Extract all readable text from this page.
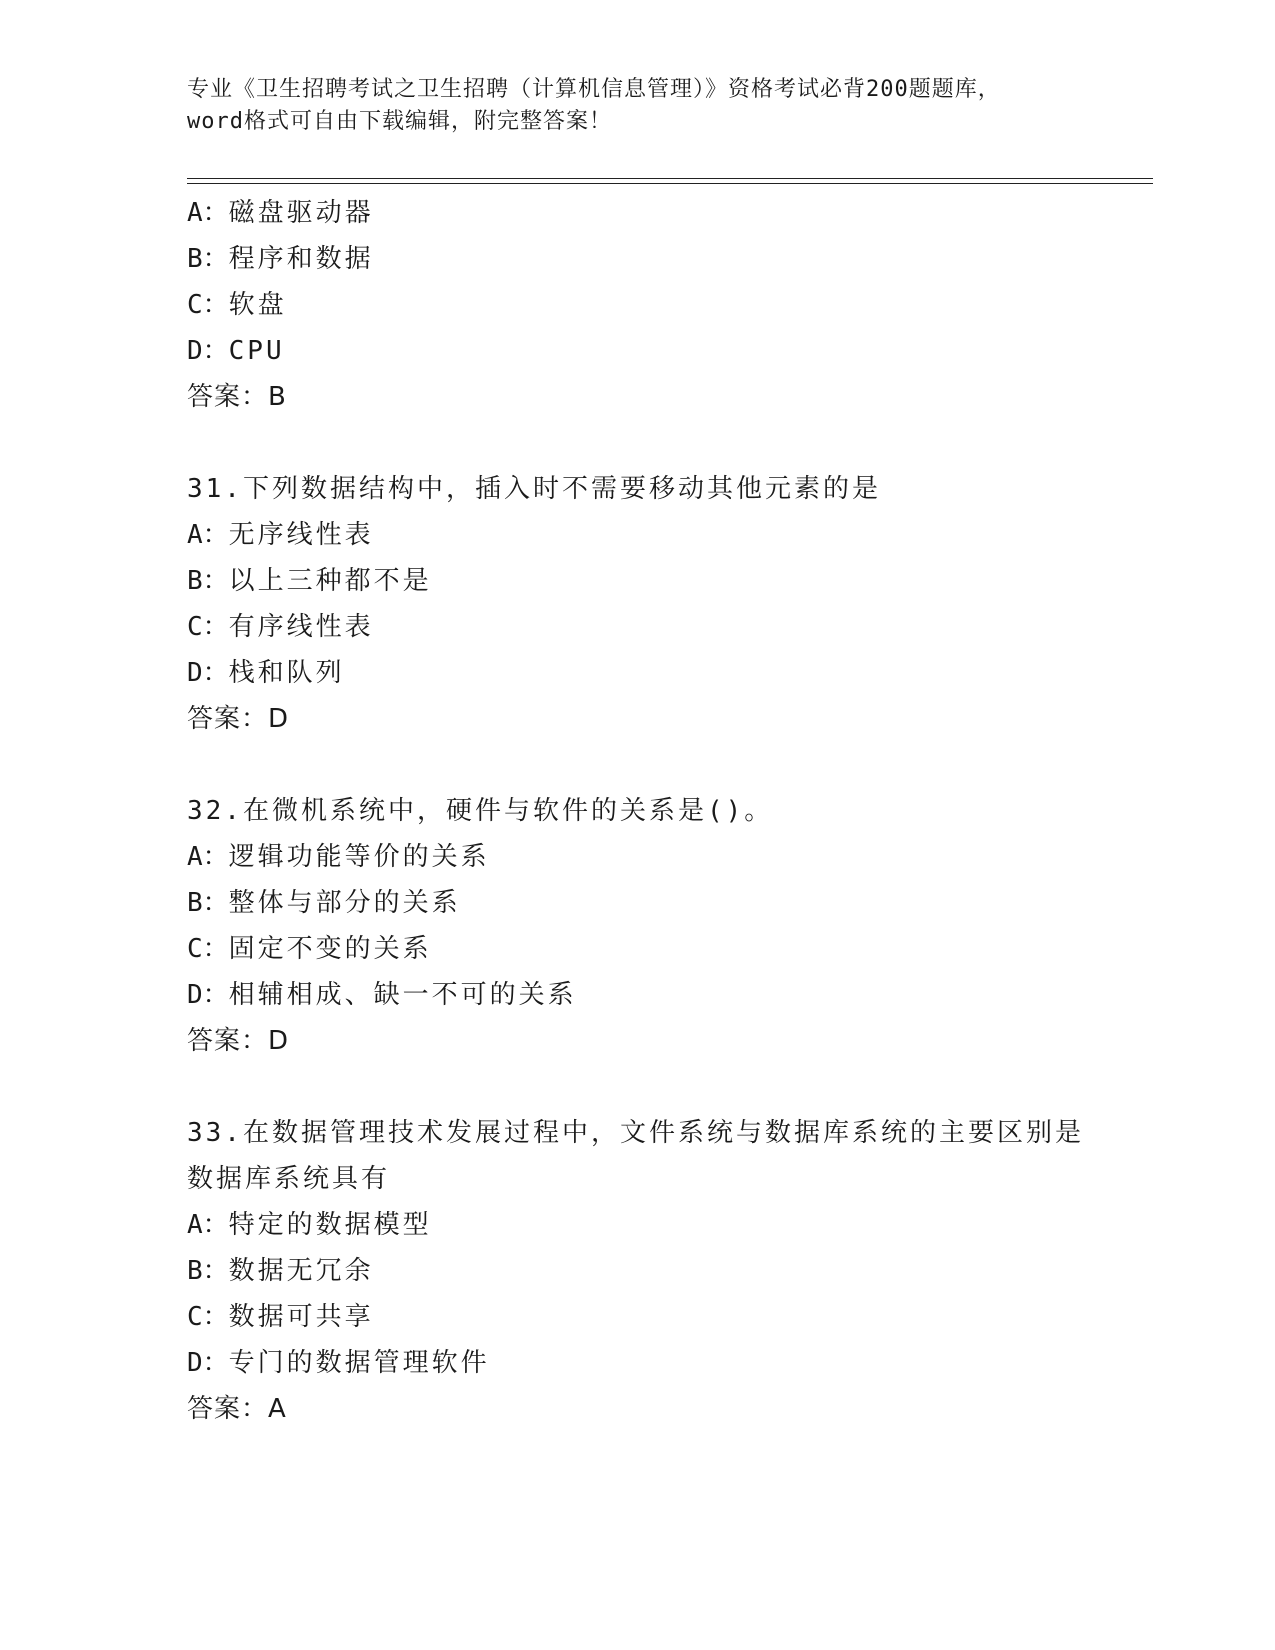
专业《卫生招聘考试之卫生招聘（计算机信息管理）》资格考试必背200题题库，
word格式可自由下载编辑，附完整答案！
A：磁盘驱动器
B：程序和数据
C：软盘
D：CPU
答案：B
31.下列数据结构中，插入时不需要移动其他元素的是
A：无序线性表
B：以上三种都不是
C：有序线性表
D：栈和队列
答案：D
32.在微机系统中，硬件与软件的关系是()。
A：逻辑功能等价的关系
B：整体与部分的关系
C：固定不变的关系
D：相辅相成、缺一不可的关系
答案：D
33.在数据管理技术发展过程中，文件系统与数据库系统的主要区别是
数据库系统具有
A：特定的数据模型
B：数据无冗余
C：数据可共享
D：专门的数据管理软件
答案：A
